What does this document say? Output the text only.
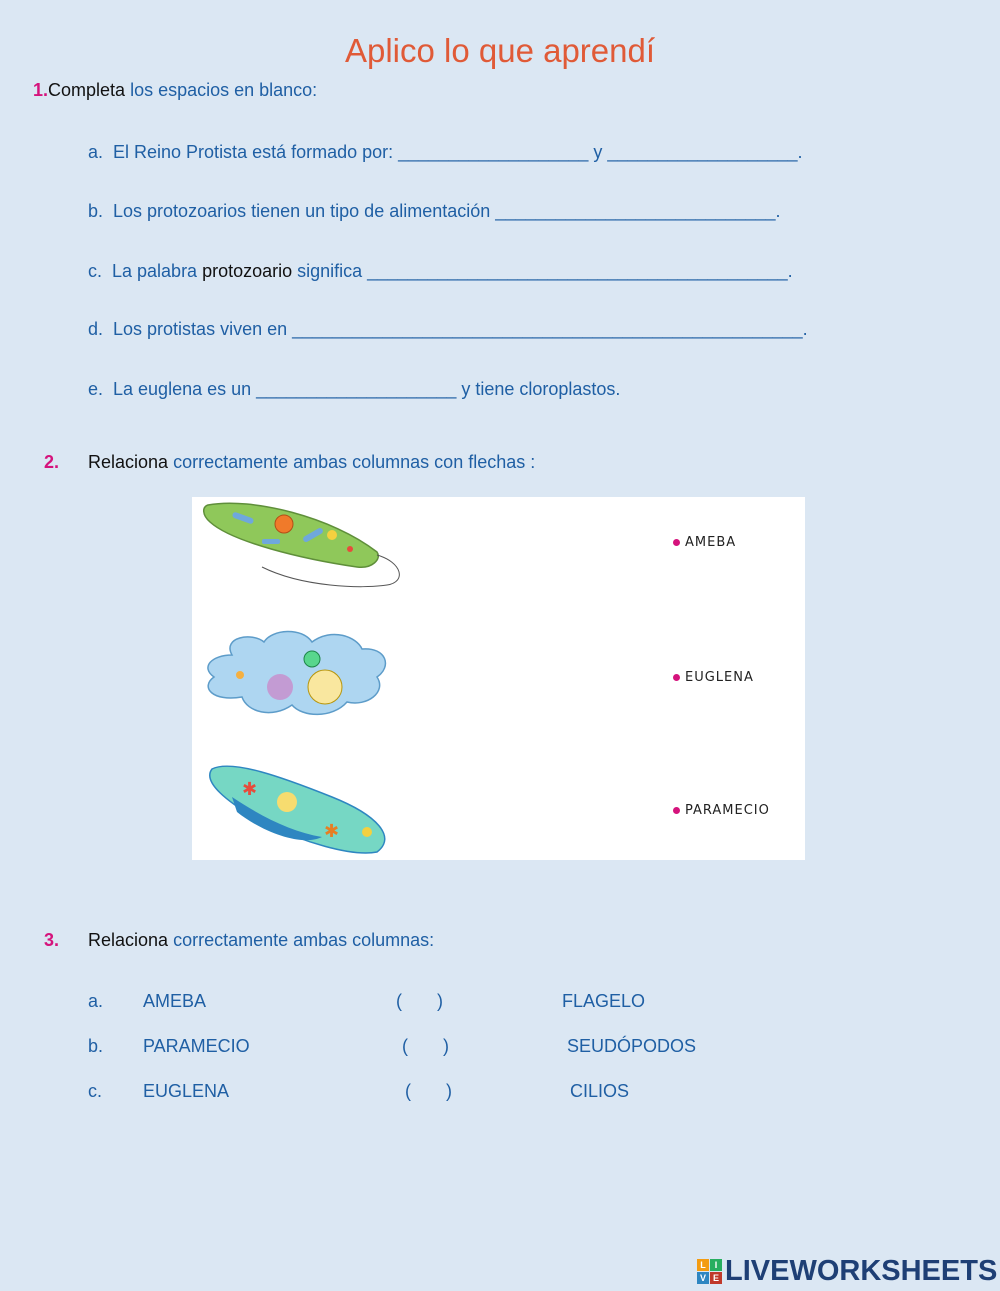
Aplico lo que aprendí
1.Completa los espacios en blanco:
a.  El Reino Protista está formado por: ___________________ y ___________________.
b.  Los protozoarios tienen un tipo de alimentación ____________________________.
c.  La palabra protozoario significa __________________________________________.
d.  Los protistas viven en ___________________________________________________.
e.  La euglena es un ____________________ y tiene cloroplastos.
2. Relaciona correctamente ambas columnas con flechas :
✱
✱
AMEBA
EUGLENA
PARAMECIO
3. Relaciona correctamente ambas columnas:
a. AMEBA	(       )	FLAGELO
b. PARAMECIO	(       )	SEUDÓPODOS
c. EUGLENA	(       )	CILIOS
L I
V E LIVEWORKSHEETS
